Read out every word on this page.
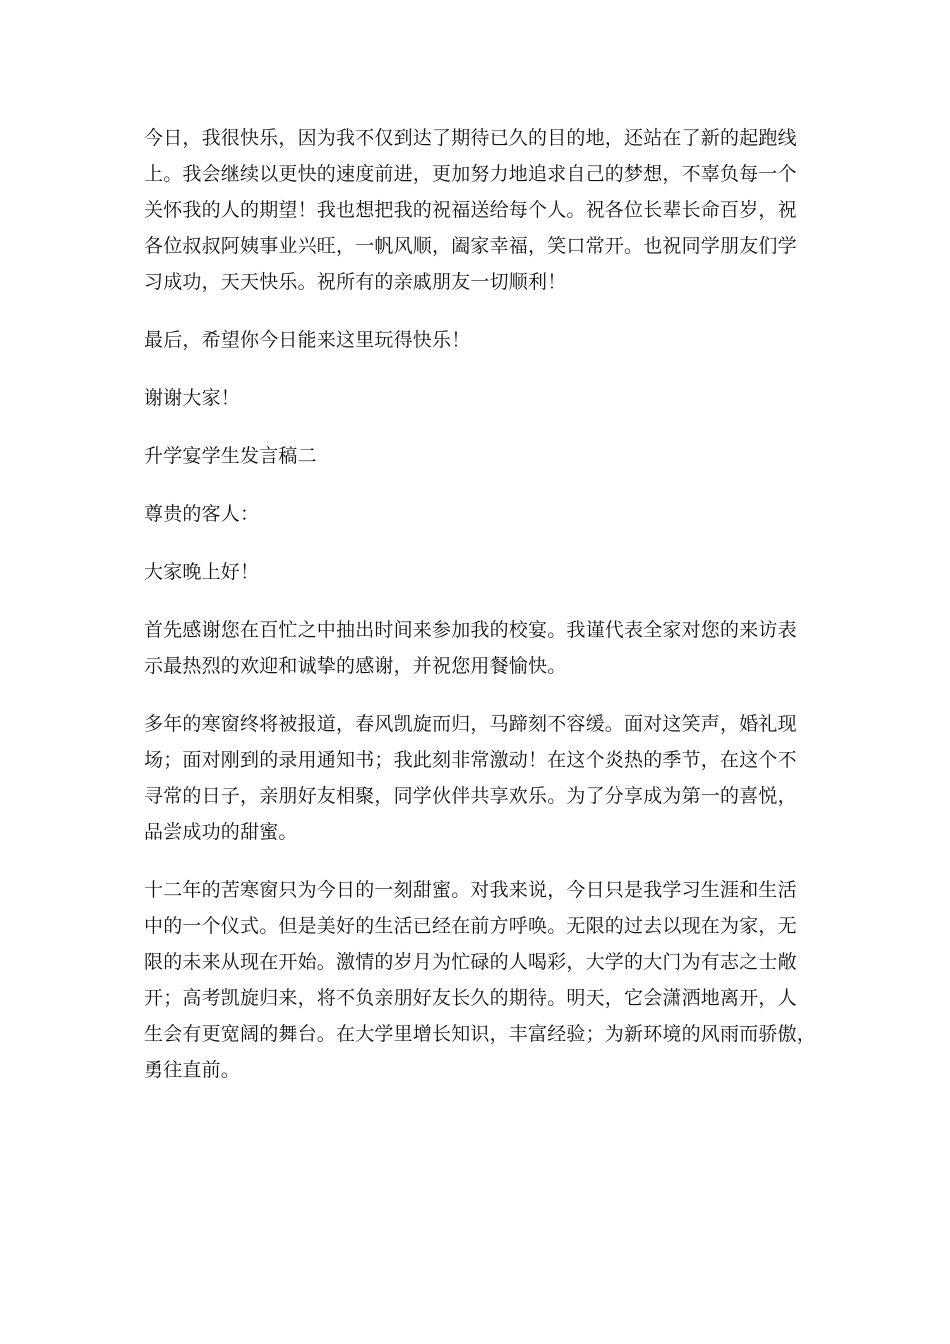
今日，我很快乐，因为我不仅到达了期待已久的目的地，还站在了新的起跑线
上。我会继续以更快的速度前进，更加努力地追求自己的梦想，不辜负每一个
关怀我的人的期望！我也想把我的祝福送给每个人。祝各位长辈长命百岁，祝
各位叔叔阿姨事业兴旺，一帆风顺，阖家幸福，笑口常开。也祝同学朋友们学
习成功，天天快乐。祝所有的亲戚朋友一切顺利！

最后，希望你今日能来这里玩得快乐！

谢谢大家！

升学宴学生发言稿二

尊贵的客人：

大家晚上好！

首先感谢您在百忙之中抽出时间来参加我的校宴。我谨代表全家对您的来访表
示最热烈的欢迎和诚挚的感谢，并祝您用餐愉快。

多年的寒窗终将被报道，春风凯旋而归，马蹄刻不容缓。面对这笑声，婚礼现
场；面对刚到的录用通知书；我此刻非常激动！在这个炎热的季节，在这个不
寻常的日子，亲朋好友相聚，同学伙伴共享欢乐。为了分享成为第一的喜悦，
品尝成功的甜蜜。

十二年的苦寒窗只为今日的一刻甜蜜。对我来说，今日只是我学习生涯和生活
中的一个仪式。但是美好的生活已经在前方呼唤。无限的过去以现在为家，无
限的未来从现在开始。激情的岁月为忙碌的人喝彩，大学的大门为有志之士敞
开；高考凯旋归来，将不负亲朋好友长久的期待。明天，它会潇洒地离开，人
生会有更宽阔的舞台。在大学里增长知识，丰富经验；为新环境的风雨而骄傲，
勇往直前。
